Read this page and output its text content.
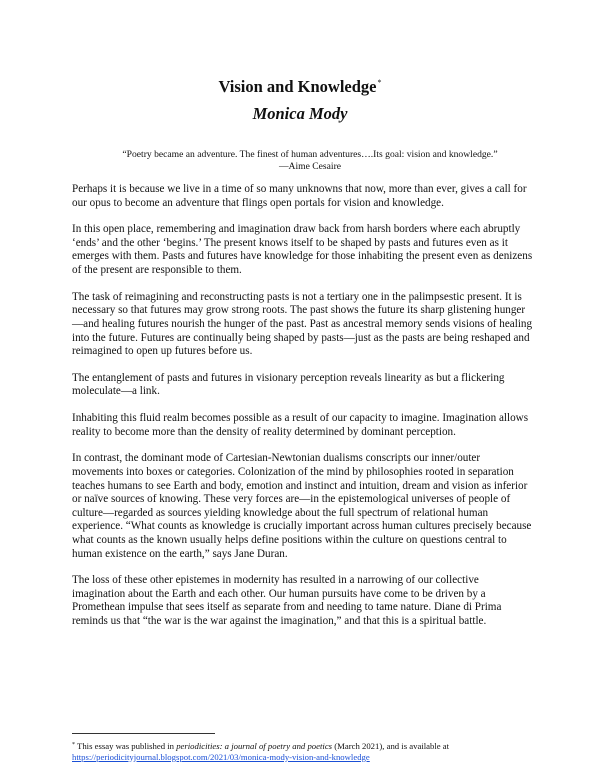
Vision and Knowledge*
Monica Mody
“Poetry became an adventure. The finest of human adventures….Its goal: vision and knowledge.”
—Aime Cesaire

Perhaps it is because we live in a time of so many unknowns that now, more than ever, gives a call for our opus to become an adventure that flings open portals for vision and knowledge.

In this open place, remembering and imagination draw back from harsh borders where each abruptly ‘ends’ and the other ‘begins.’ The present knows itself to be shaped by pasts and futures even as it emerges with them. Pasts and futures have knowledge for those inhabiting the present even as denizens of the present are responsible to them.

The task of reimagining and reconstructing pasts is not a tertiary one in the palimpsestic present. It is necessary so that futures may grow strong roots. The past shows the future its sharp glistening hunger—and healing futures nourish the hunger of the past. Past as ancestral memory sends visions of healing into the future. Futures are continually being shaped by pasts—just as the pasts are being reshaped and reimagined to open up futures before us.

The entanglement of pasts and futures in visionary perception reveals linearity as but a flickering moleculate—a link.

Inhabiting this fluid realm becomes possible as a result of our capacity to imagine. Imagination allows reality to become more than the density of reality determined by dominant perception.

In contrast, the dominant mode of Cartesian-Newtonian dualisms conscripts our inner/outer movements into boxes or categories. Colonization of the mind by philosophies rooted in separation teaches humans to see Earth and body, emotion and instinct and intuition, dream and vision as inferior or naïve sources of knowing. These very forces are—in the epistemological universes of people of culture—regarded as sources yielding knowledge about the full spectrum of relational human experience. “What counts as knowledge is crucially important across human cultures precisely because what counts as the known usually helps define positions within the culture on questions central to human existence on the earth,” says Jane Duran.

The loss of these other epistemes in modernity has resulted in a narrowing of our collective imagination about the Earth and each other. Our human pursuits have come to be driven by a Promethean impulse that sees itself as separate from and needing to tame nature. Diane di Prima reminds us that “the war is the war against the imagination,” and that this is a spiritual battle.

* This essay was published in periodicities: a journal of poetry and poetics (March 2021), and is available at
https://periodicityjournal.blogspot.com/2021/03/monica-mody-vision-and-knowledge
